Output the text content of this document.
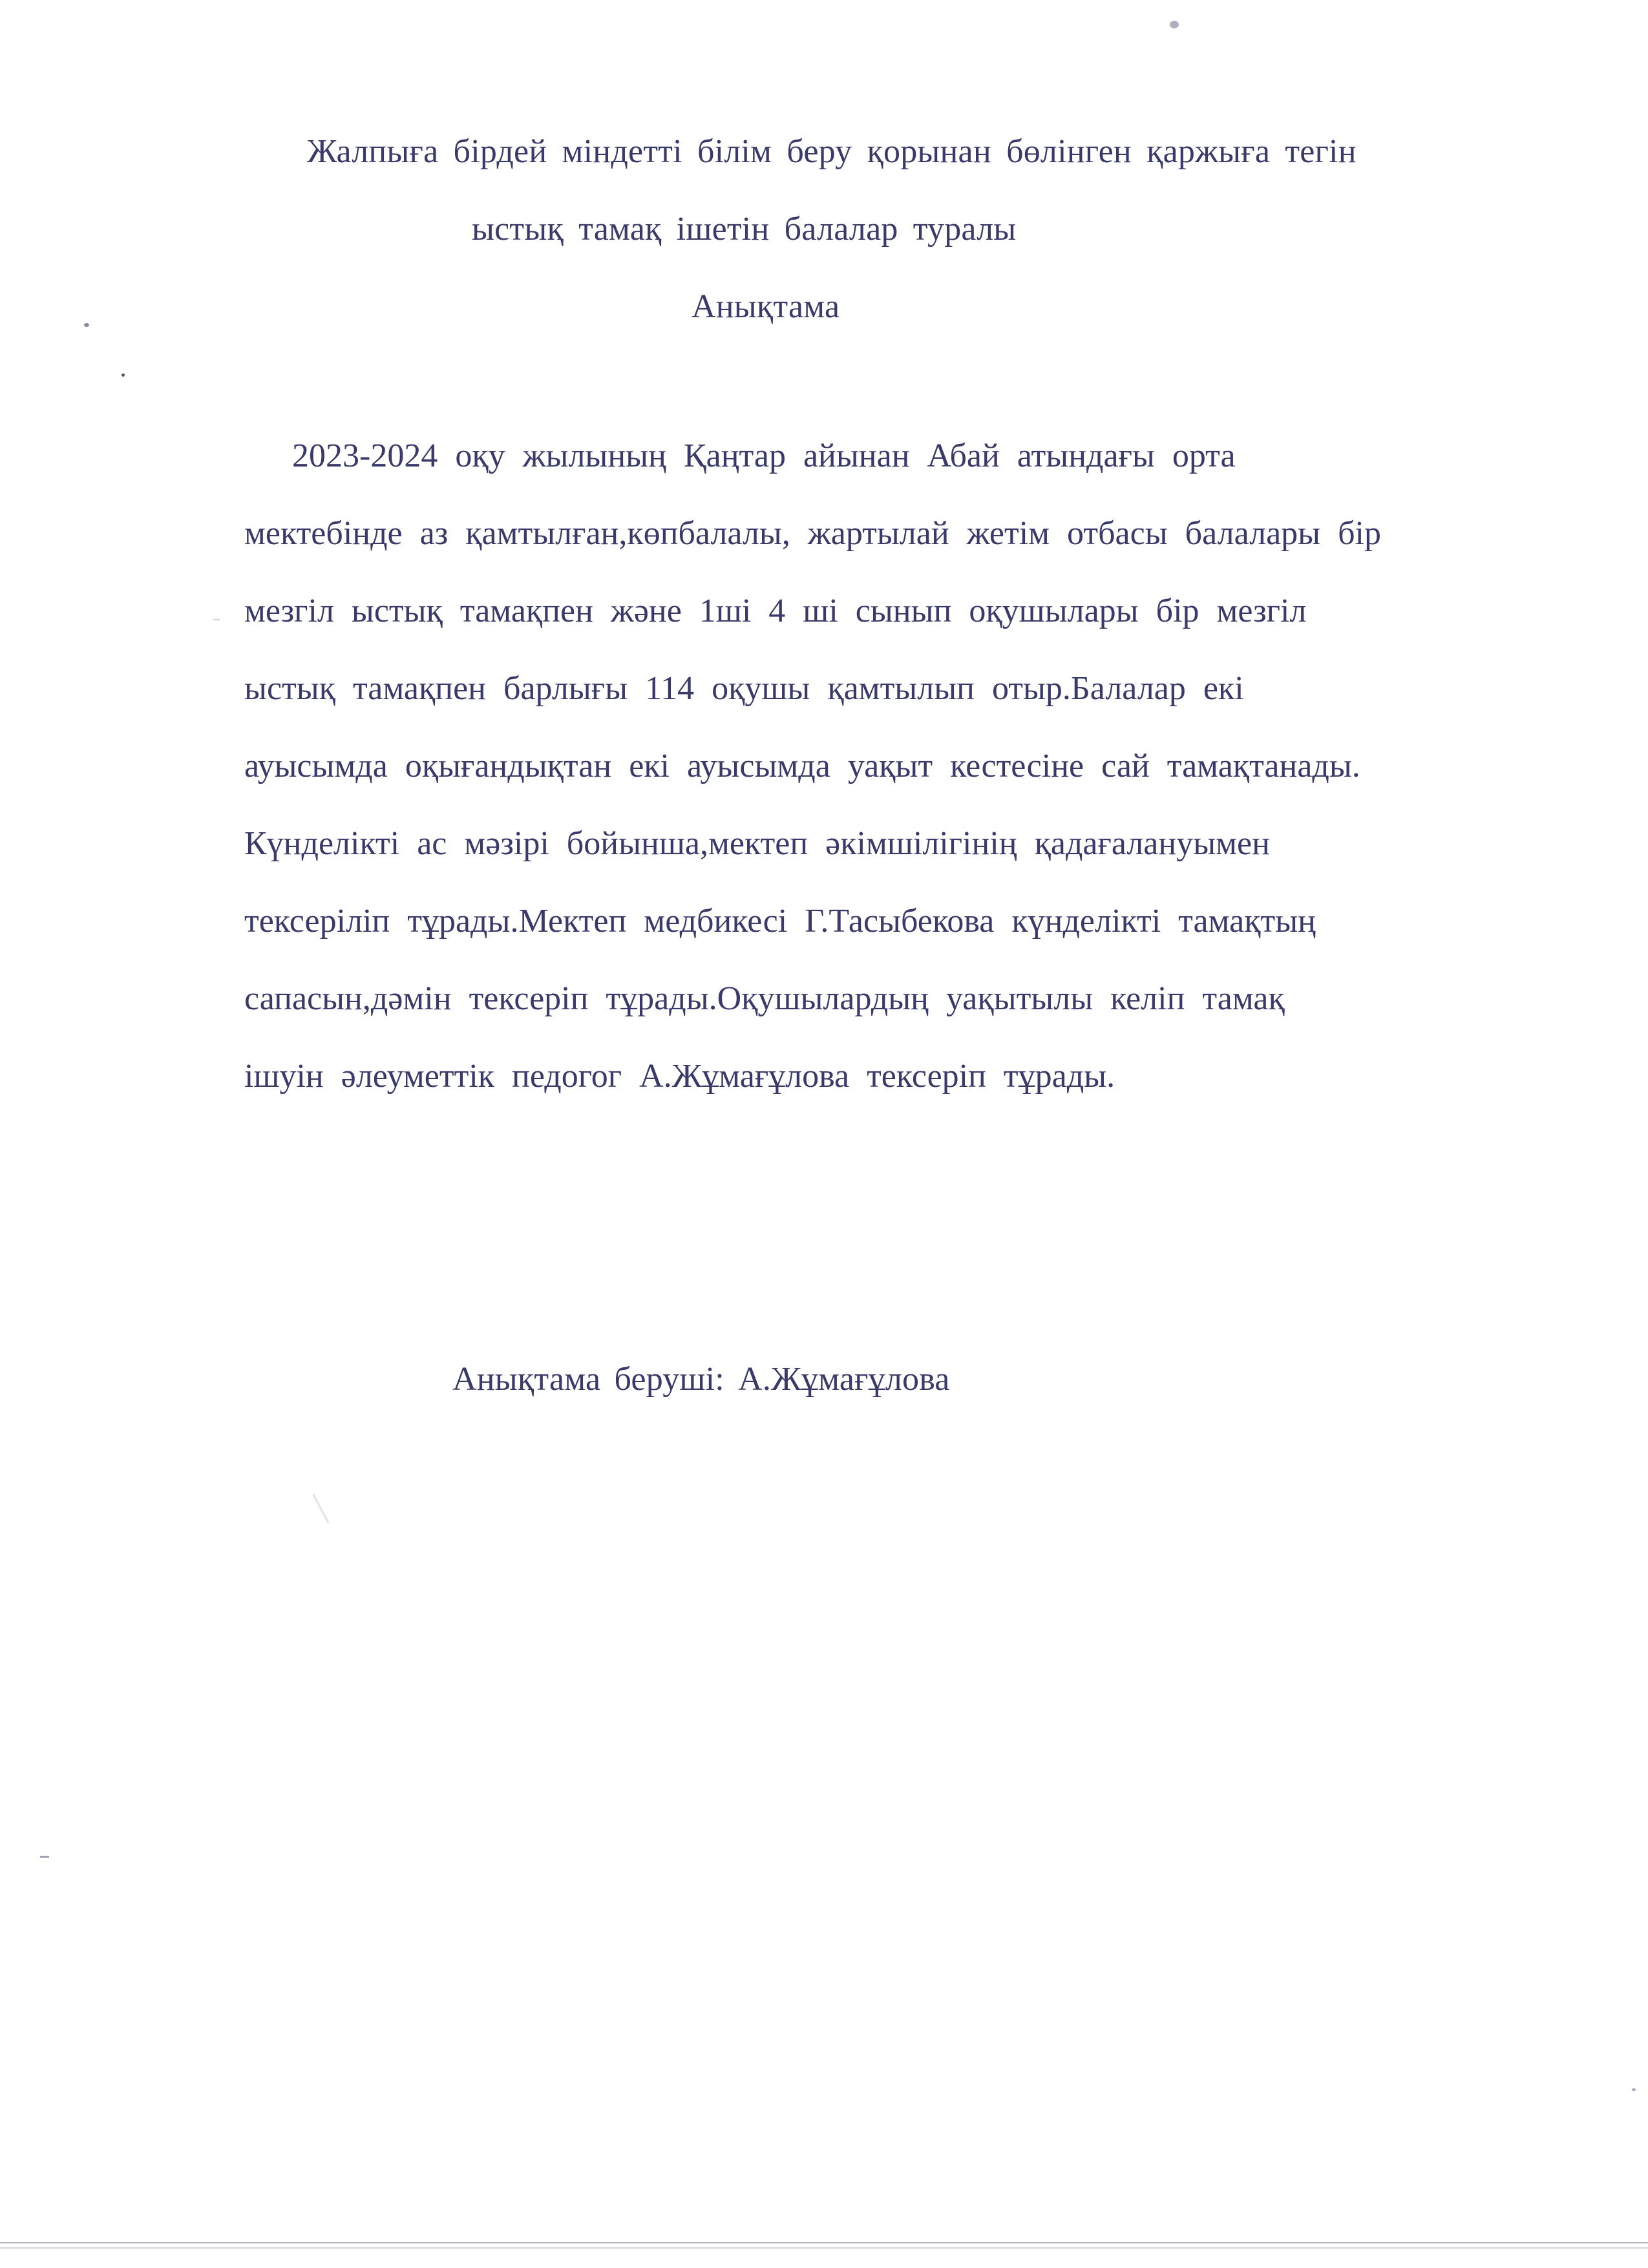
Жалпыға бірдей міндетті білім беру қорынан бөлінген қаржыға тегін
ыстық тамақ ішетін балалар туралы
Анықтама
2023-2024 оқу жылының Қаңтар айынан Абай атындағы орта
мектебінде аз қамтылған,көпбалалы, жартылай жетім отбасы балалары бір
мезгіл ыстық тамақпен және 1ші 4 ші сынып оқушылары бір мезгіл
ыстық тамақпен барлығы 114 оқушы қамтылып отыр.Балалар екі
ауысымда оқығандықтан екі ауысымда уақыт кестесіне сай тамақтанады.
Күнделікті ас мәзірі бойынша,мектеп әкімшілігінің қадағалануымен
тексеріліп тұрады.Мектеп медбикесі Г.Тасыбекова күнделікті тамақтың
сапасын,дәмін тексеріп тұрады.Оқушылардың уақытылы келіп тамақ
ішуін әлеуметтік педогог А.Жұмағұлова тексеріп тұрады.
Анықтама беруші: А.Жұмағұлова
